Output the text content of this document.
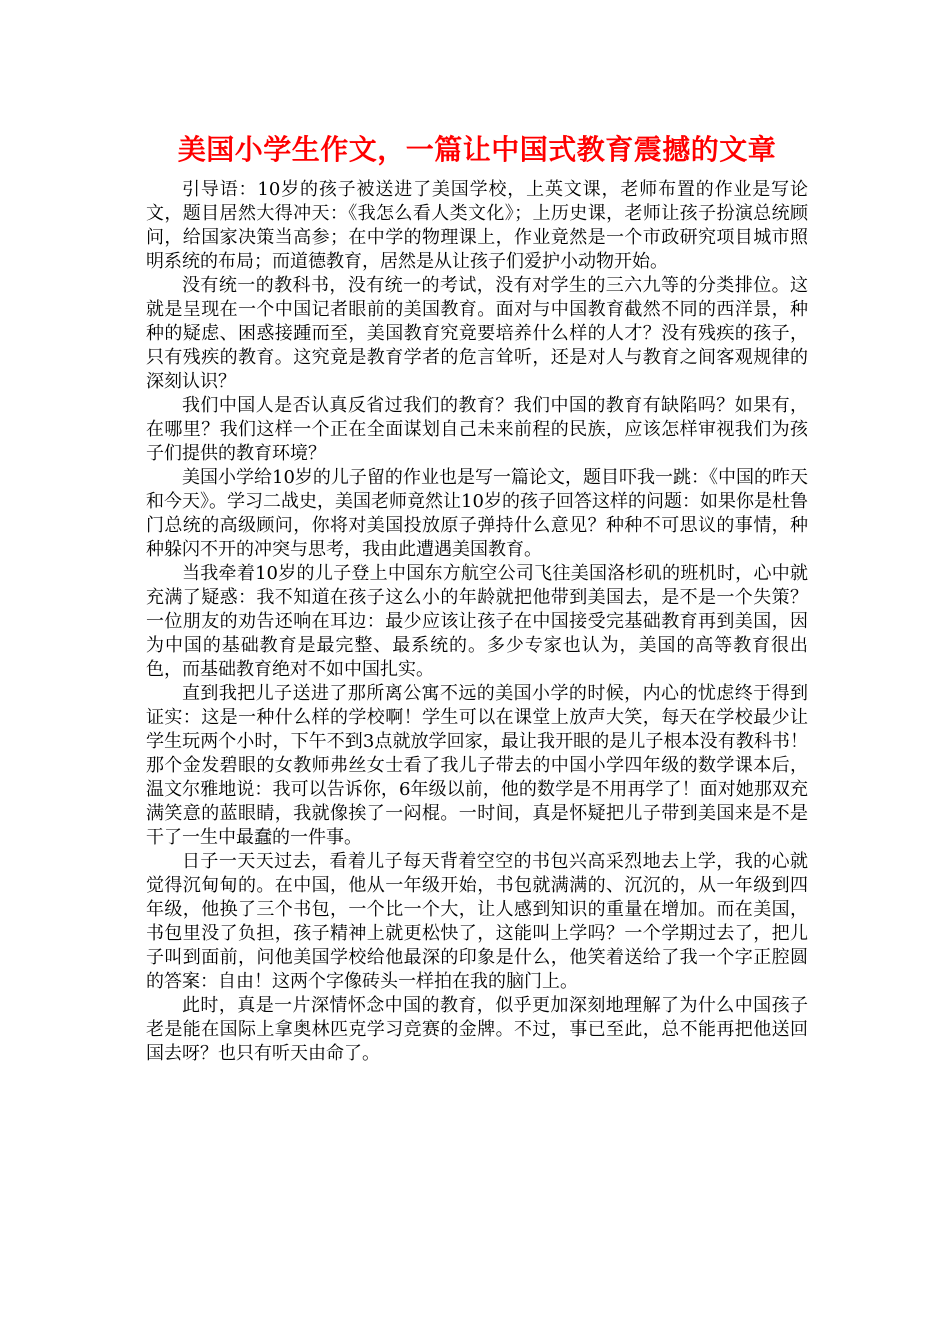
美国小学生作文，一篇让中国式教育震撼的文章

引导语：10岁的孩子被送进了美国学校，上英文课，老师布置的作业是写论文，题目居然大得冲天：《我怎么看人类文化》；上历史课，老师让孩子扮演总统顾问，给国家决策当高参；在中学的物理课上，作业竟然是一个市政研究项目城市照明系统的布局；而道德教育，居然是从让孩子们爱护小动物开始。

没有统一的教科书，没有统一的考试，没有对学生的三六九等的分类排位。这就是呈现在一个中国记者眼前的美国教育。面对与中国教育截然不同的西洋景，种种的疑虑、困惑接踵而至，美国教育究竟要培养什么样的人才？没有残疾的孩子，只有残疾的教育。这究竟是教育学者的危言耸听，还是对人与教育之间客观规律的深刻认识？

我们中国人是否认真反省过我们的教育？我们中国的教育有缺陷吗？如果有，在哪里？我们这样一个正在全面谋划自己未来前程的民族，应该怎样审视我们为孩子们提供的教育环境？

美国小学给10岁的儿子留的作业也是写一篇论文，题目吓我一跳：《中国的昨天和今天》。学习二战史，美国老师竟然让10岁的孩子回答这样的问题：如果你是杜鲁门总统的高级顾问，你将对美国投放原子弹持什么意见？种种不可思议的事情，种种躲闪不开的冲突与思考，我由此遭遇美国教育。

当我牵着10岁的儿子登上中国东方航空公司飞往美国洛杉矶的班机时，心中就充满了疑惑：我不知道在孩子这么小的年龄就把他带到美国去，是不是一个失策？一位朋友的劝告还响在耳边：最少应该让孩子在中国接受完基础教育再到美国，因为中国的基础教育是最完整、最系统的。多少专家也认为，美国的高等教育很出色，而基础教育绝对不如中国扎实。

直到我把儿子送进了那所离公寓不远的美国小学的时候，内心的忧虑终于得到证实：这是一种什么样的学校啊！学生可以在课堂上放声大笑，每天在学校最少让学生玩两个小时，下午不到3点就放学回家，最让我开眼的是儿子根本没有教科书！那个金发碧眼的女教师弗丝女士看了我儿子带去的中国小学四年级的数学课本后，温文尔雅地说：我可以告诉你，6年级以前，他的数学是不用再学了！面对她那双充满笑意的蓝眼睛，我就像挨了一闷棍。一时间，真是怀疑把儿子带到美国来是不是干了一生中最蠢的一件事。

日子一天天过去，看着儿子每天背着空空的书包兴高采烈地去上学，我的心就觉得沉甸甸的。在中国，他从一年级开始，书包就满满的、沉沉的，从一年级到四年级，他换了三个书包，一个比一个大，让人感到知识的重量在增加。而在美国，书包里没了负担，孩子精神上就更松快了，这能叫上学吗？一个学期过去了，把儿子叫到面前，问他美国学校给他最深的印象是什么，他笑着送给了我一个字正腔圆的答案：自由！这两个字像砖头一样拍在我的脑门上。

此时，真是一片深情怀念中国的教育，似乎更加深刻地理解了为什么中国孩子老是能在国际上拿奥林匹克学习竞赛的金牌。不过，事已至此，总不能再把他送回国去呀？也只有听天由命了。
